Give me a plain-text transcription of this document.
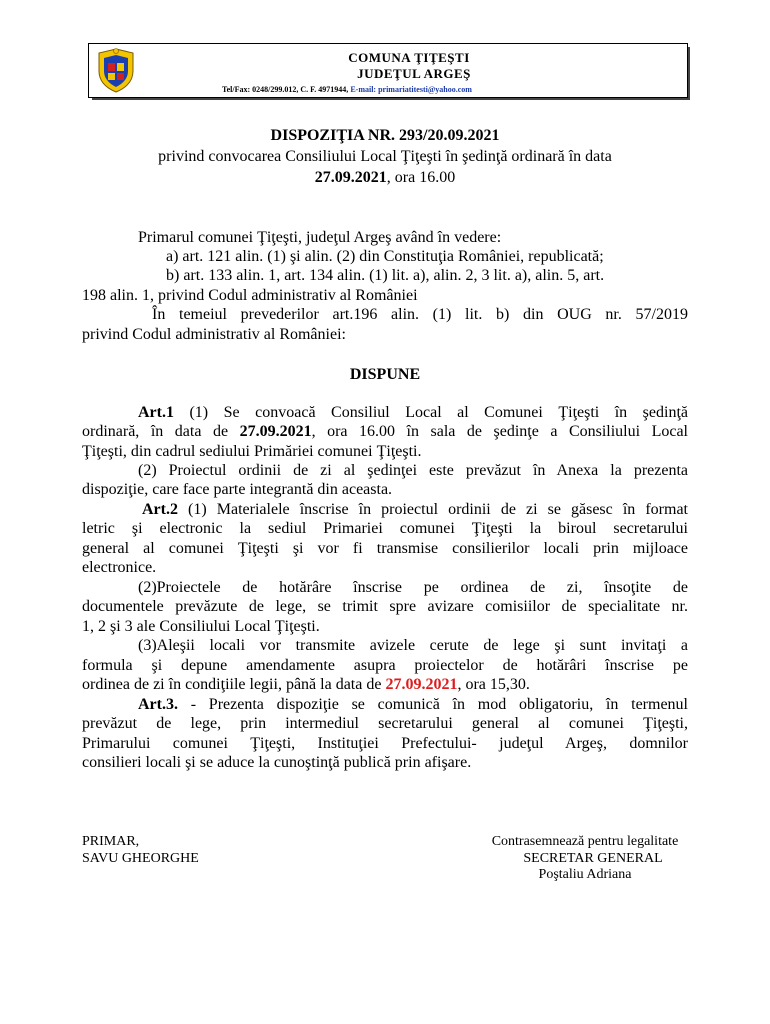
COMUNA ŢIŢEŞTI
JUDEŢUL ARGEŞ
Tel/Fax: 0248/299.012, C. F. 4971944, E-mail: primariatitesti@yahoo.com
DISPOZIŢIA NR. 293/20.09.2021
privind convocarea Consiliului Local Ţiţeşti în şedinţă ordinară în data
27.09.2021, ora 16.00
Primarul comunei Ţiţeşti, judeţul Argeş având în vedere:
a) art. 121 alin. (1) şi alin. (2) din Constituţia României, republicată;
b) art. 133 alin. 1, art. 134 alin. (1) lit. a), alin. 2, 3 lit. a), alin. 5, art.
198 alin. 1, privind Codul administrativ al României
În temeiul prevederilor art.196 alin. (1) lit. b) din OUG nr. 57/2019
privind Codul administrativ al României:
DISPUNE
Art.1 (1) Se convoacă Consiliul Local al Comunei Ţiţeşti în şedinţă
ordinară, în data de 27.09.2021, ora 16.00 în sala de şedinţe a Consiliului Local
Ţiţeşti, din cadrul sediului Primăriei comunei Ţiţeşti.
(2) Proiectul ordinii de zi al şedinţei este prevăzut în Anexa la prezenta
dispoziţie, care face parte integrantă din aceasta.
Art.2 (1) Materialele înscrise în proiectul ordinii de zi se găsesc în format
letric şi electronic la sediul Primariei comunei Ţiţeşti la biroul secretarului
general al comunei Ţiţeşti şi vor fi transmise consilierilor locali prin mijloace
electronice.
(2)Proiectele de hotărâre înscrise pe ordinea de zi, însoţite de
documentele prevăzute de lege, se trimit spre avizare comisiilor de specialitate nr.
1, 2 şi 3 ale Consiliului Local Ţiţeşti.
(3)Aleşii locali vor transmite avizele cerute de lege şi sunt invitaţi a
formula şi depune amendamente asupra proiectelor de hotărâri înscrise pe
ordinea de zi în condiţiile legii, până la data de 27.09.2021, ora 15,30.
Art.3. - Prezenta dispoziţie se comunică în mod obligatoriu, în termenul
prevăzut de lege, prin intermediul secretarului general al comunei Ţiţeşti,
Primarului comunei Ţiţeşti, Instituţiei Prefectului- judeţul Argeş, domnilor
consilieri locali şi se aduce la cunoştinţă publică prin afişare.
PRIMAR,
SAVU GHEORGHE
Contrasemnează pentru legalitate
SECRETAR GENERAL
Poştaliu Adriana
